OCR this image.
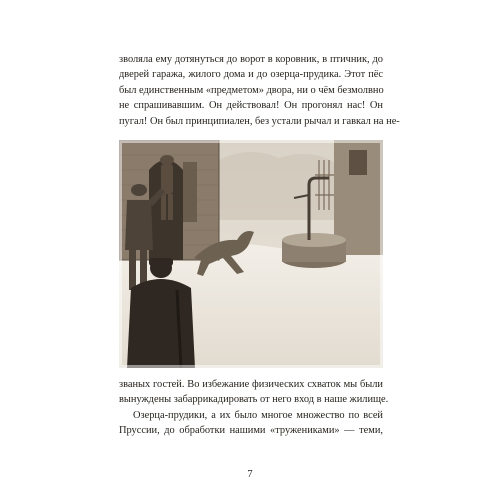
зволяла ему дотянуться до ворот в коровник, в птичник, до
дверей гаража, жилого дома и до озерца-прудика. Этот пёс
был единственным «предметом» двора, ни о чём безмолвно
не спрашивавшим. Он действовал! Он прогонял нас! Он
пугал! Он был принципиален, без устали рычал и гавкал на не-
званых гостей. Во избежание физических схваток мы были
вынуждены забаррикадировать от него вход в наше жилище.
Озерца-прудики, а их было многое множество по всей
Пруссии, до обработки нашими «тружениками» — теми,
7
